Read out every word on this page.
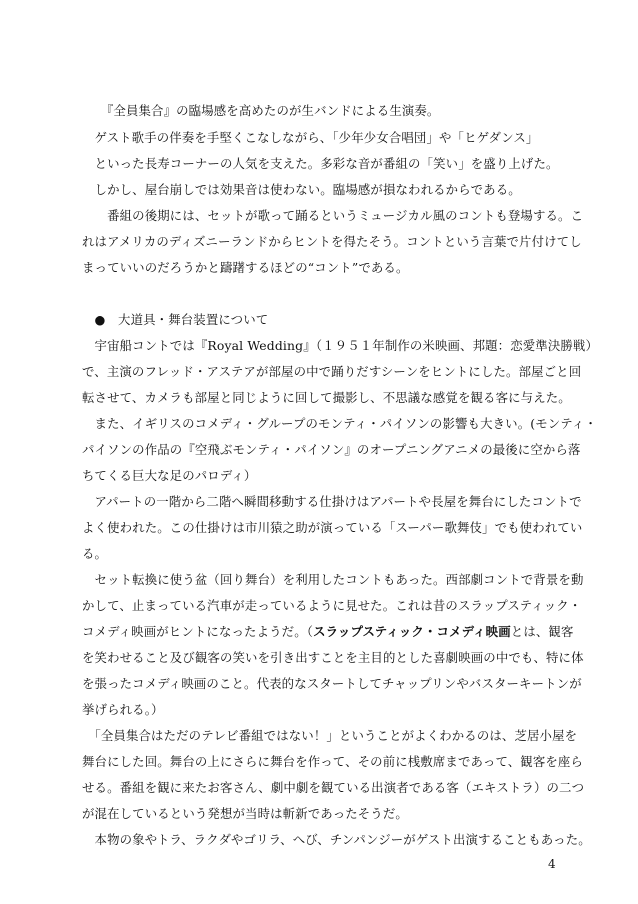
　　『全員集合』の臨場感を高めたのが生バンドによる生演奏。
　ゲスト歌手の伴奏を手堅くこなしながら、「少年少女合唱団」や「ヒゲダンス」
　といった長寿コーナーの人気を支えた。多彩な音が番組の「笑い」を盛り上げた。
　しかし、屋台崩しでは効果音は使わない。臨場感が損なわれるからである。
　　番組の後期には、セットが歌って踊るというミュージカル風のコントも登場する。こ
れはアメリカのディズニーランドからヒントを得たそう。コントという言葉で片付けてし
まっていいのだろうかと躊躇するほどの“コント”である。
　●　大道具・舞台装置について
　宇宙船コントでは『Royal Wedding』（１９５１年制作の米映画、邦題：恋愛準決勝戦）
で、主演のフレッド・アステアが部屋の中で踊りだすシーンをヒントにした。部屋ごと回
転させて、カメラも部屋と同じように回して撮影し、不思議な感覚を観る客に与えた。
　また、イギリスのコメディ・グループのモンティ・パイソンの影響も大きい。(モンティ・
パイソンの作品の『空飛ぶモンティ・パイソン』のオープニングアニメの最後に空から落
ちてくる巨大な足のパロディ）
　アパートの一階から二階へ瞬間移動する仕掛けはアパートや長屋を舞台にしたコントで
よく使われた。この仕掛けは市川猿之助が演っている「スーパー歌舞伎」でも使われてい
る。
　セット転換に使う盆（回り舞台）を利用したコントもあった。西部劇コントで背景を動
かして、止まっている汽車が走っているように見せた。これは昔のスラップスティック・
コメディ映画がヒントになったようだ。（スラップスティック・コメディ映画とは、観客
を笑わせること及び観客の笑いを引き出すことを主目的とした喜劇映画の中でも、特に体
を張ったコメディ映画のこと。代表的なスタートしてチャップリンやバスターキートンが
挙げられる。）
　「全員集合はただのテレビ番組ではない！」ということがよくわかるのは、芝居小屋を
舞台にした回。舞台の上にさらに舞台を作って、その前に桟敷席まであって、観客を座ら
せる。番組を観に来たお客さん、劇中劇を観ている出演者である客（エキストラ）の二つ
が混在しているという発想が当時は斬新であったそうだ。
　本物の象やトラ、ラクダやゴリラ、へび、チンパンジーがゲスト出演することもあった。
4
